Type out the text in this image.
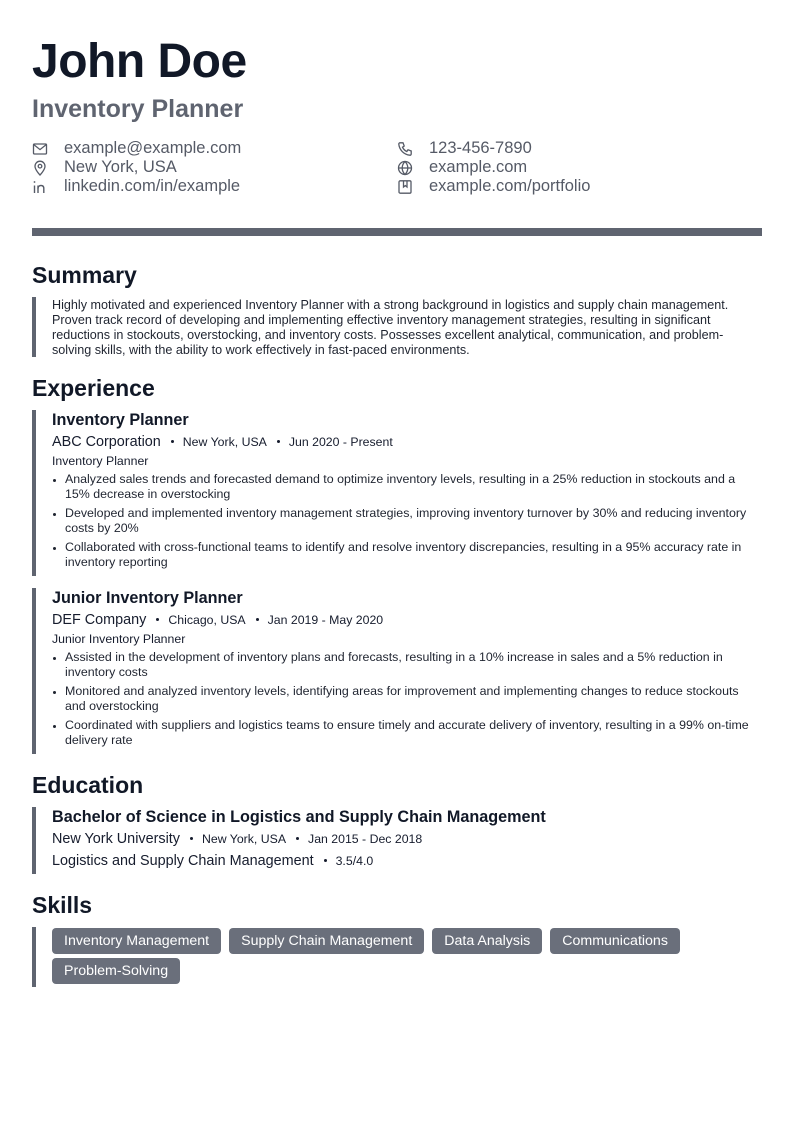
John Doe
Inventory Planner
example@example.com	123-456-7890
New York, USA	example.com
linkedin.com/in/example	example.com/portfolio
Summary

Highly motivated and experienced Inventory Planner with a strong background in logistics and supply chain management. Proven track record of developing and implementing effective inventory management strategies, resulting in significant reductions in stockouts, overstocking, and inventory costs. Possesses excellent analytical, communication, and problem-solving skills, with the ability to work effectively in fast-paced environments.

Experience
Inventory Planner
ABC Corporation New York, USA Jun 2020 - Present
Inventory Planner
Analyzed sales trends and forecasted demand to optimize inventory levels, resulting in a 25% reduction in stockouts and a 15% decrease in overstocking
Developed and implemented inventory management strategies, improving inventory turnover by 30% and reducing inventory costs by 20%
Collaborated with cross-functional teams to identify and resolve inventory discrepancies, resulting in a 95% accuracy rate in inventory reporting
Junior Inventory Planner
DEF Company Chicago, USA Jan 2019 - May 2020
Junior Inventory Planner
Assisted in the development of inventory plans and forecasts, resulting in a 10% increase in sales and a 5% reduction in inventory costs
Monitored and analyzed inventory levels, identifying areas for improvement and implementing changes to reduce stockouts and overstocking
Coordinated with suppliers and logistics teams to ensure timely and accurate delivery of inventory, resulting in a 99% on-time delivery rate
Education
Bachelor of Science in Logistics and Supply Chain Management
New York University New York, USA Jan 2015 - Dec 2018
Logistics and Supply Chain Management 3.5/4.0
Skills
Inventory Management	Supply Chain Management	Data Analysis	Communications
Problem-Solving
